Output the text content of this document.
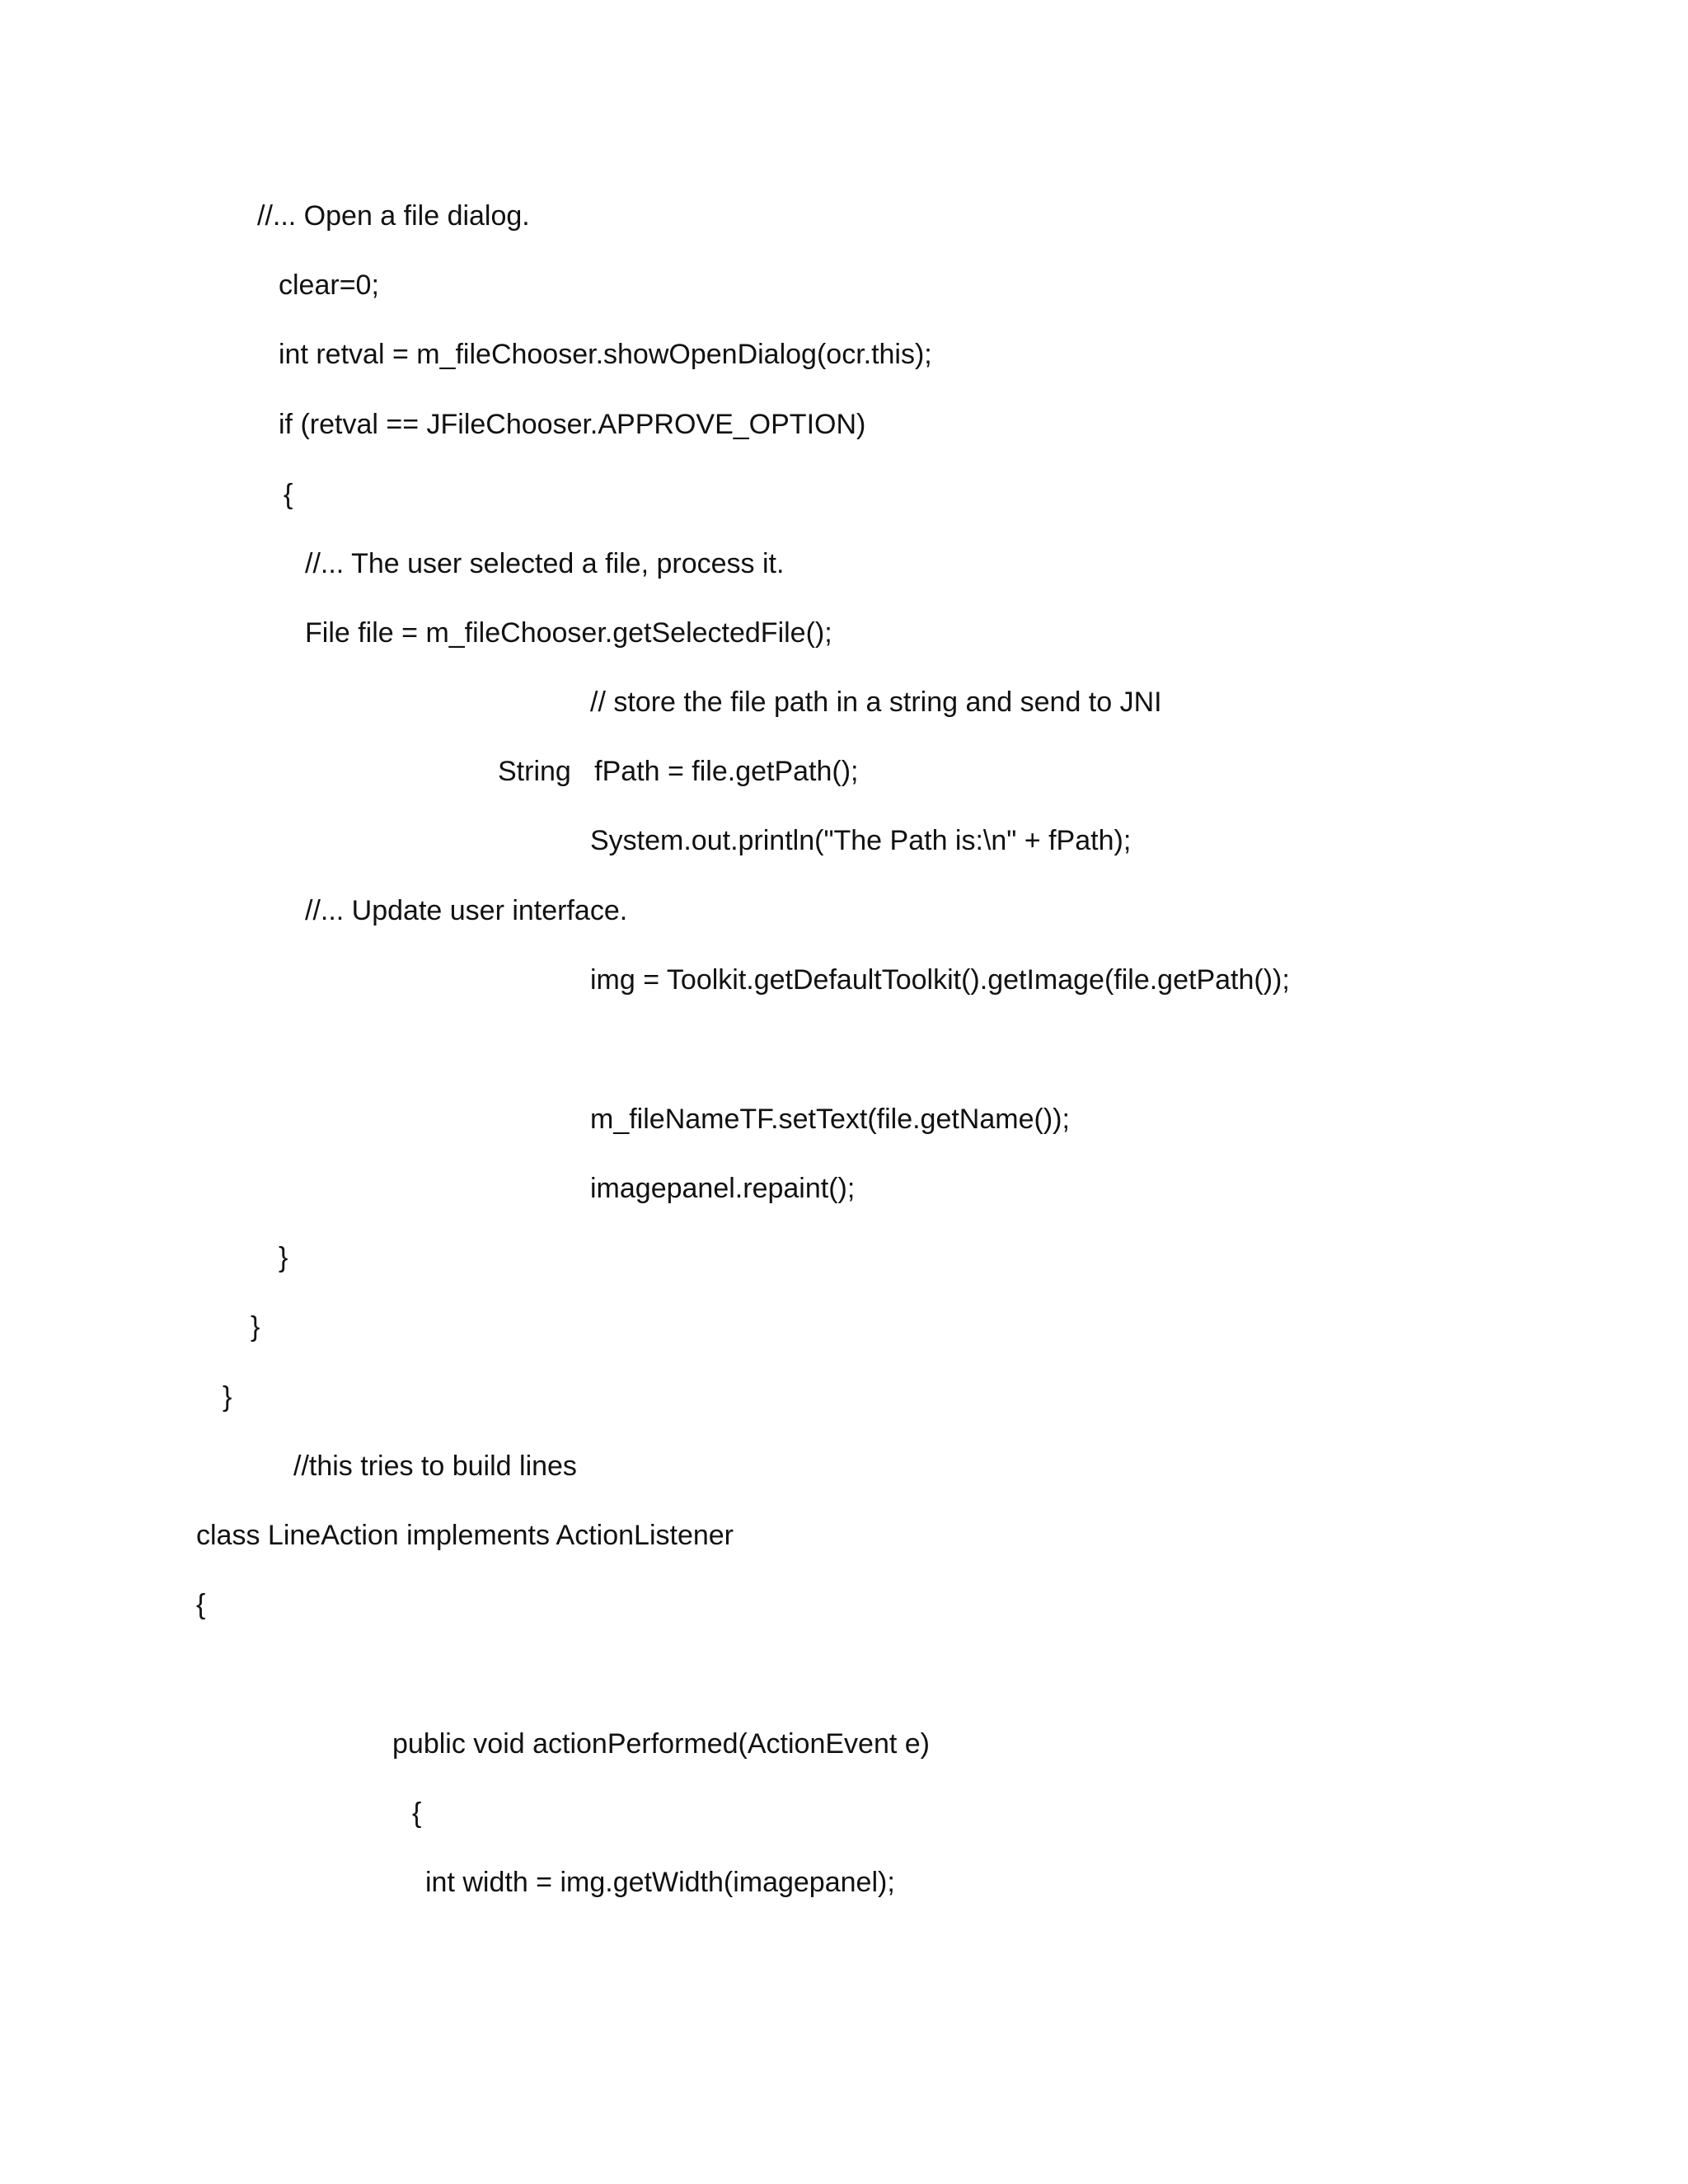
//... Open a file dialog.
clear=0;
int retval = m_fileChooser.showOpenDialog(ocr.this);
if (retval == JFileChooser.APPROVE_OPTION)
{
//... The user selected a file, process it.
File file = m_fileChooser.getSelectedFile();
// store the file path in a string and send to JNI
String   fPath = file.getPath();
System.out.println("The Path is:\n" + fPath);
//... Update user interface.
img = Toolkit.getDefaultToolkit().getImage(file.getPath());
m_fileNameTF.setText(file.getName());
imagepanel.repaint();
}
}
}
//this tries to build lines
class LineAction implements ActionListener
{
public void actionPerformed(ActionEvent e)
{
int width = img.getWidth(imagepanel);
